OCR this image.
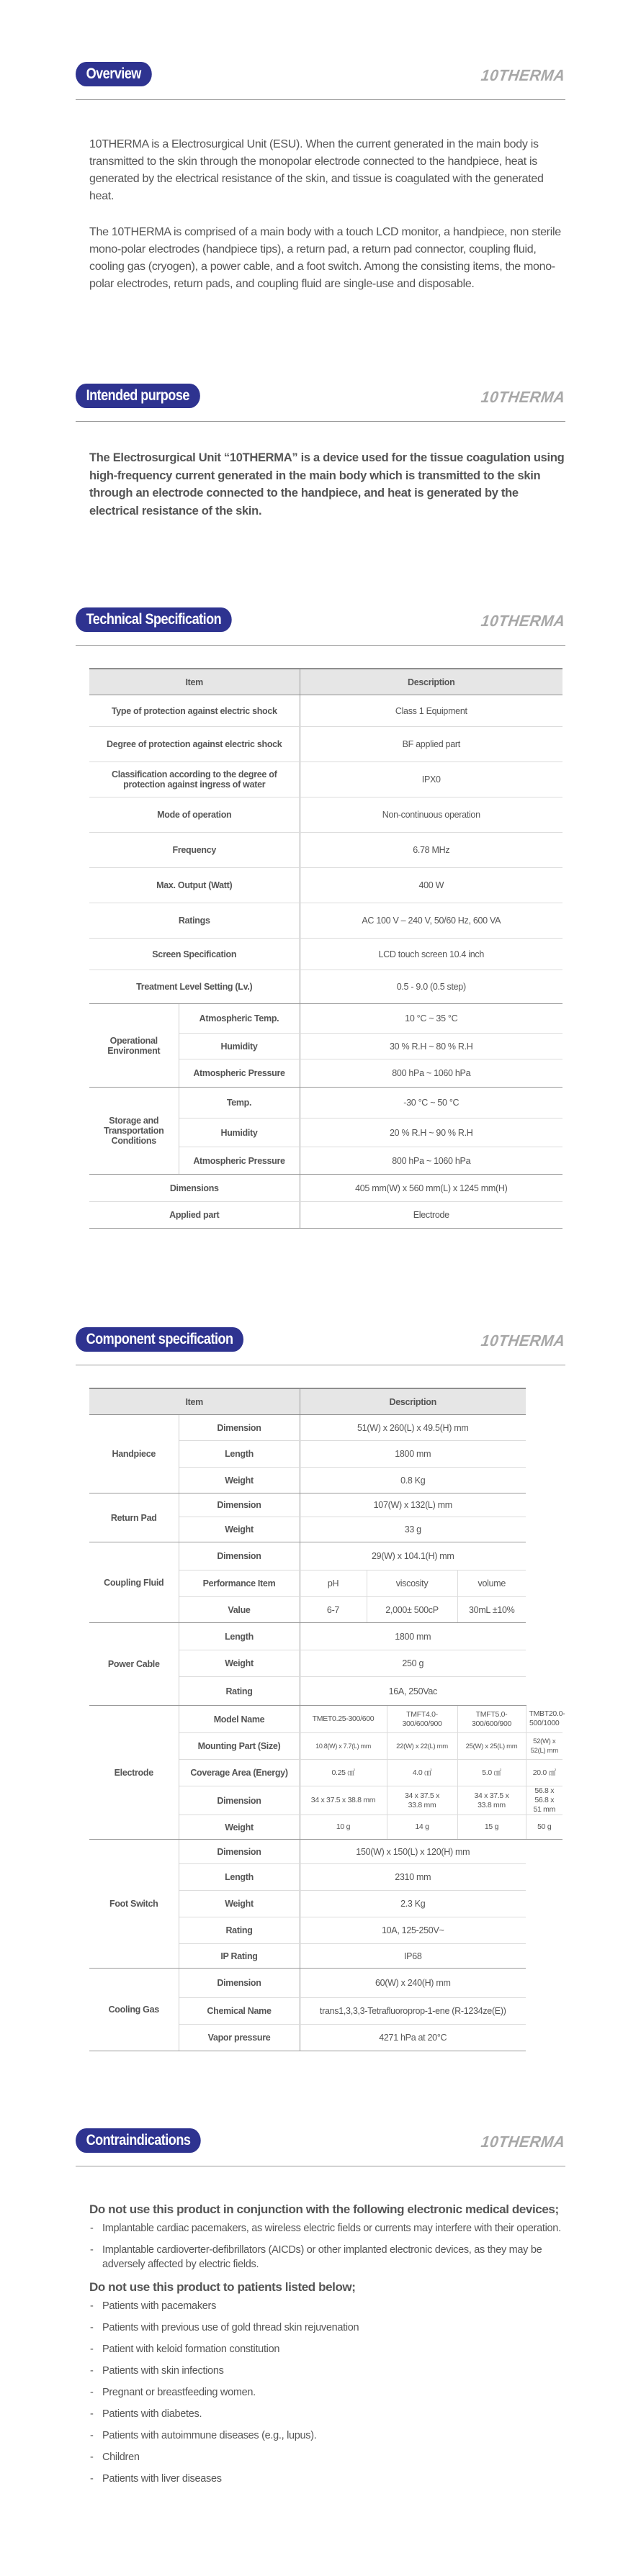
Overview	10THERMA

10THERMA is a Electrosurgical Unit (ESU). When the current generated in the main body is transmitted to the skin through the monopolar electrode connected to the handpiece, heat is generated by the electrical resistance of the skin, and tissue is coagulated with the generated heat.

The 10THERMA is comprised of a main body with a touch LCD monitor, a handpiece, non sterile mono-polar electrodes (handpiece tips), a return pad, a return pad connector, coupling fluid, cooling gas (cryogen), a power cable, and a foot switch. Among the consisting items, the mono-polar electrodes, return pads, and coupling fluid are single-use and disposable.

Intended purpose	10THERMA

The Electrosurgical Unit “10THERMA” is a device used for the tissue coagulation using high-frequency current generated in the main body which is transmitted to the skin through an electrode connected to the handpiece, and heat is generated by the electrical resistance of the skin.

Technical Specification	10THERMA
Item		Description
Type of protection against electric shock		Class 1 Equipment
Degree of protection against electric shock		BF applied part
Classification according to the degree of protection against ingress of water		IPX0
Mode of operation		Non-continuous operation
Frequency		6.78 MHz
Max. Output (Watt)		400 W
Ratings		AC 100 V – 240 V, 50/60 Hz, 600 VA
Screen Specification		LCD touch screen 10.4 inch
Treatment Level Setting (Lv.)		0.5 - 9.0 (0.5 step)
Operational Environment	Atmospheric Temp.	10 °C ~ 35 °C
	Humidity	30 % R.H ~ 80 % R.H
	Atmospheric Pressure	800 hPa ~ 1060 hPa
Storage and Transportation Conditions	Temp.	-30 °C ~ 50 °C
	Humidity	20 % R.H ~ 90 % R.H
	Atmospheric Pressure	800 hPa ~ 1060 hPa
Dimensions		405 mm(W) x 560 mm(L) x 1245 mm(H)
Applied part		Electrode
Component specification	10THERMA
Item		Description				
Handpiece	Dimension	51(W) x 260(L) x 49.5(H) mm				
	Length	1800 mm				
	Weight	0.8 Kg				
Return Pad	Dimension	107(W) x 132(L) mm				
	Weight	33 g				
Coupling Fluid	Dimension	29(W) x 104.1(H) mm				
	Performance Item	pH	viscosity		volume	
	Value	6-7	2,000± 500cP		30mL ±10%	
Power Cable	Length	1800 mm				
	Weight	250 g				
	Rating	16A, 250Vac				
Electrode	Model Name	TMET0.25-300/600		TMFT4.0-300/600/900	TMFT5.0-300/600/900	TMBT20.0-500/1000
	Mounting Part (Size)	10.8(W) x 7.7(L) mm		22(W) x 22(L) mm	25(W) x 25(L) mm	52(W) x 52(L) mm
	Coverage Area (Energy)	0.25 ㎠		4.0 ㎠	5.0 ㎠	20.0 ㎠
	Dimension	34 x 37.5 x 38.8 mm		34 x 37.5 x 33.8 mm	34 x 37.5 x 33.8 mm	56.8 x 56.8 x 51 mm
	Weight	10 g		14 g	15 g	50 g
Foot Switch	Dimension	150(W) x 150(L) x 120(H) mm				
	Length	2310 mm				
	Weight	2.3 Kg				
	Rating	10A, 125-250V~				
	IP Rating	IP68				
Cooling Gas	Dimension	60(W) x 240(H) mm				
	Chemical Name	trans1,3,3,3-Tetrafluoroprop-1-ene (R-1234ze(E))				
	Vapor pressure	4271 hPa at 20°C				
Contraindications	10THERMA
Do not use this product in conjunction with the following electronic medical devices;
- Implantable cardiac pacemakers, as wireless electric fields or currents may interfere with their operation.
- Implantable cardioverter-defibrillators (AICDs) or other implanted electronic devices, as they may be adversely affected by electric fields.
Do not use this product to patients listed below;
- Patients with pacemakers
- Patients with previous use of gold thread skin rejuvenation
- Patient with keloid formation constitution
- Patients with skin infections
- Pregnant or breastfeeding women.
- Patients with diabetes.
- Patients with autoimmune diseases (e.g., lupus).
- Children
- Patients with liver diseases
